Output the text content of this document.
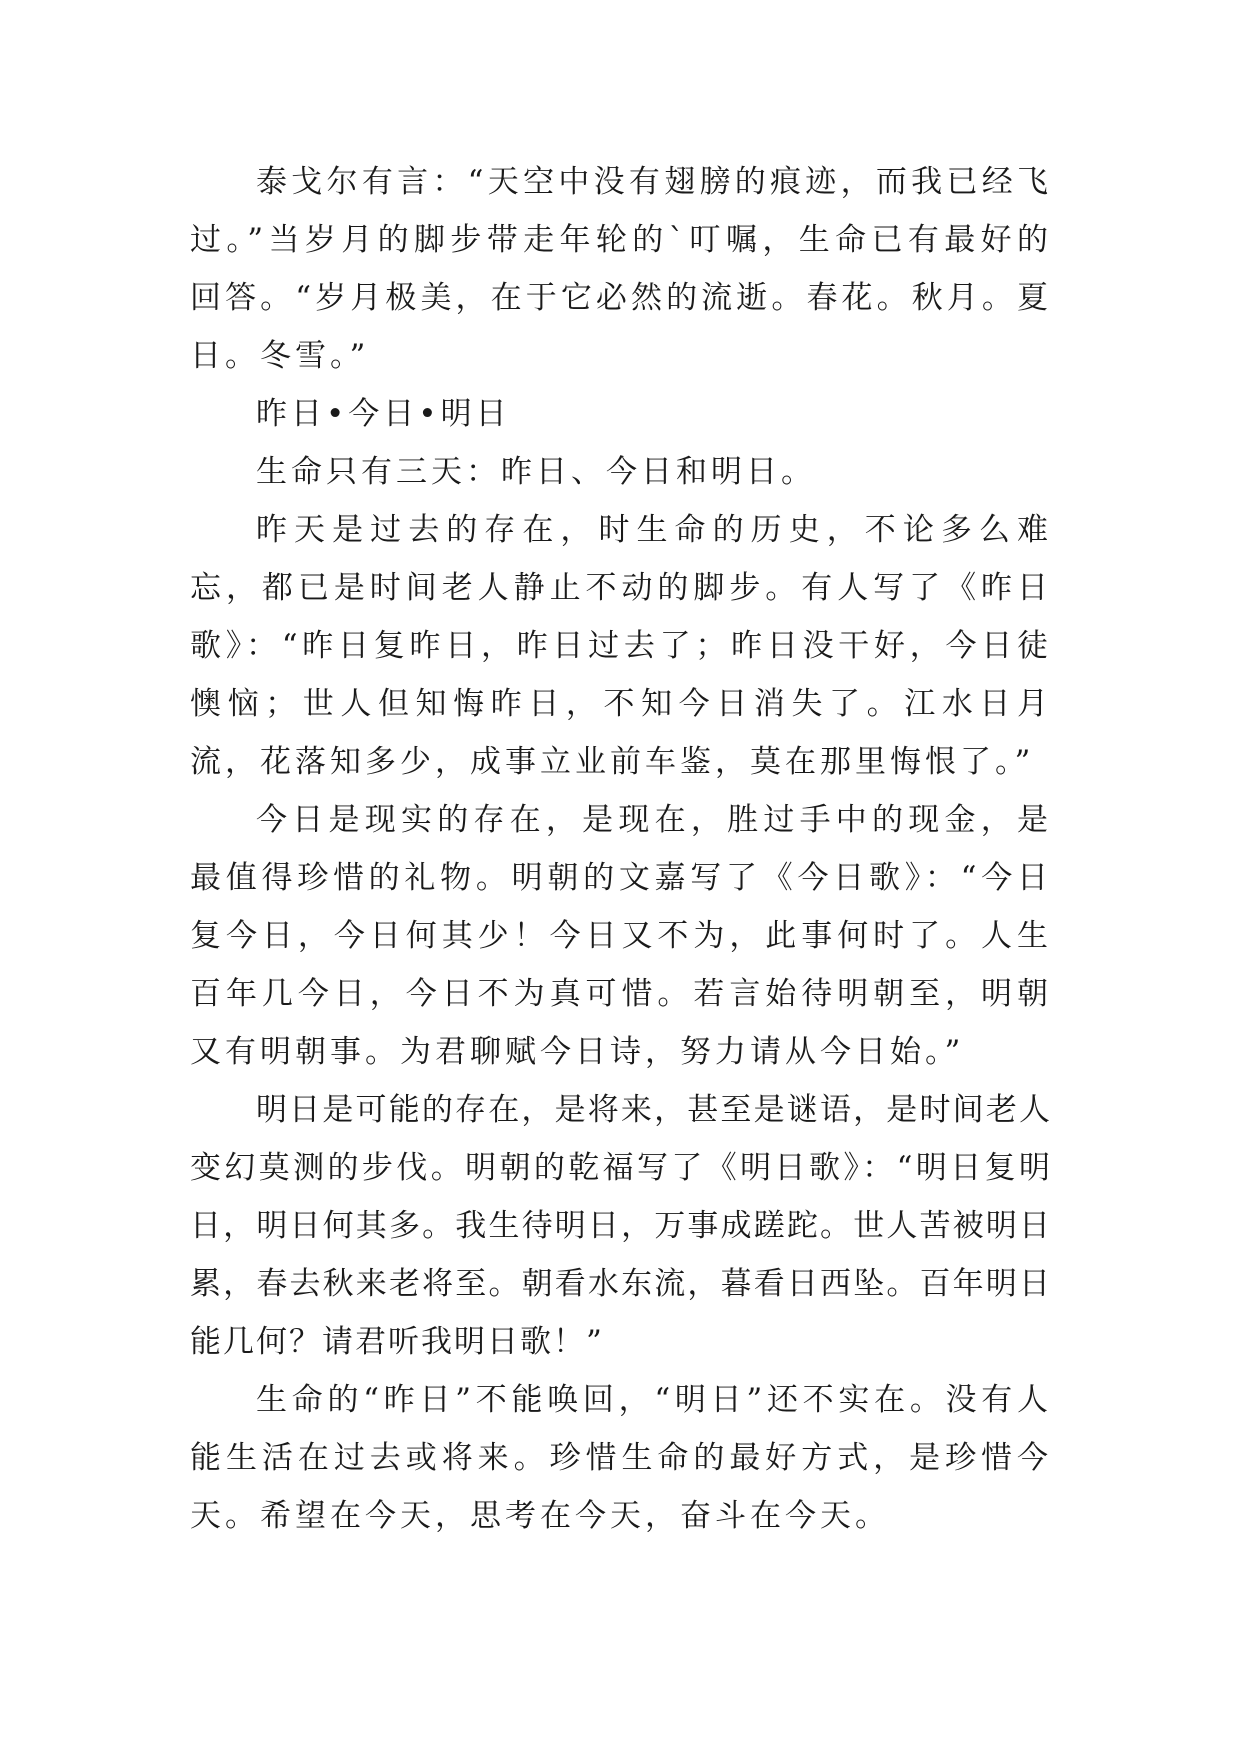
泰戈尔有言：“天空中没有翅膀的痕迹，而我已经飞过。”当岁月的脚步带走年轮的`叮嘱，生命已有最好的回答。“岁月极美，在于它必然的流逝。春花。秋月。夏日。冬雪。”

昨日•今日•明日

生命只有三天：昨日、今日和明日。

昨天是过去的存在，时生命的历史，不论多么难忘，都已是时间老人静止不动的脚步。有人写了《昨日歌》：“昨日复昨日，昨日过去了；昨日没干好，今日徒懊恼；世人但知悔昨日，不知今日消失了。江水日月流，花落知多少，成事立业前车鉴，莫在那里悔恨了。”

今日是现实的存在，是现在，胜过手中的现金，是最值得珍惜的礼物。明朝的文嘉写了《今日歌》：“今日复今日，今日何其少！今日又不为，此事何时了。人生百年几今日，今日不为真可惜。若言始待明朝至，明朝又有明朝事。为君聊赋今日诗，努力请从今日始。”

明日是可能的存在，是将来，甚至是谜语，是时间老人变幻莫测的步伐。明朝的乾福写了《明日歌》：“明日复明日，明日何其多。我生待明日，万事成蹉跎。世人苦被明日累，春去秋来老将至。朝看水东流，暮看日西坠。百年明日能几何？请君听我明日歌！”

生命的“昨日”不能唤回，“明日”还不实在。没有人能生活在过去或将来。珍惜生命的最好方式，是珍惜今天。希望在今天，思考在今天，奋斗在今天。
